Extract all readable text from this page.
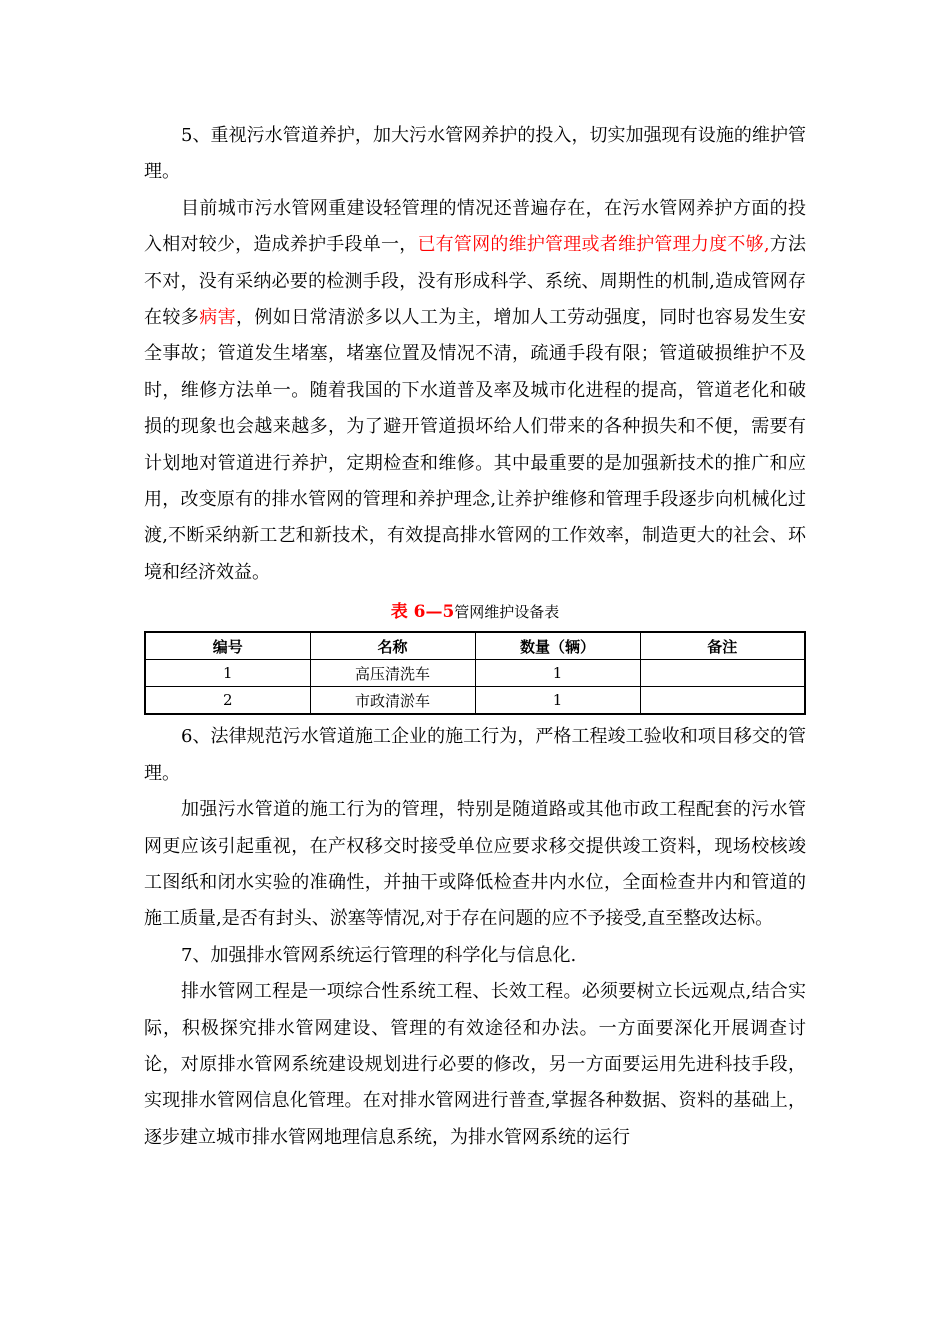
5、重视污水管道养护，加大污水管网养护的投入，切实加强现有设施的维护管理。

目前城市污水管网重建设轻管理的情况还普遍存在，在污水管网养护方面的投入相对较少，造成养护手段单一，已有管网的维护管理或者维护管理力度不够,方法不对，没有采纳必要的检测手段，没有形成科学、系统、周期性的机制,造成管网存在较多病害，例如日常清淤多以人工为主，增加人工劳动强度，同时也容易发生安全事故；管道发生堵塞，堵塞位置及情况不清，疏通手段有限；管道破损维护不及时，维修方法单一。随着我国的下水道普及率及城市化进程的提高，管道老化和破损的现象也会越来越多，为了避开管道损坏给人们带来的各种损失和不便，需要有计划地对管道进行养护，定期检查和维修。其中最重要的是加强新技术的推广和应用，改变原有的排水管网的管理和养护理念,让养护维修和管理手段逐步向机械化过渡,不断采纳新工艺和新技术，有效提高排水管网的工作效率，制造更大的社会、环境和经济效益。

表 6—5管网维护设备表
编号	名称	数量（辆）	备注
1	高压清洗车	1	
2	市政清淤车	1	

6、法律规范污水管道施工企业的施工行为，严格工程竣工验收和项目移交的管理。

加强污水管道的施工行为的管理，特别是随道路或其他市政工程配套的污水管网更应该引起重视，在产权移交时接受单位应要求移交提供竣工资料，现场校核竣工图纸和闭水实验的准确性，并抽干或降低检查井内水位，全面检查井内和管道的施工质量,是否有封头、淤塞等情况,对于存在问题的应不予接受,直至整改达标。

7、加强排水管网系统运行管理的科学化与信息化.

排水管网工程是一项综合性系统工程、长效工程。必须要树立长远观点,结合实际，积极探究排水管网建设、管理的有效途径和办法。一方面要深化开展调查讨论，对原排水管网系统建设规划进行必要的修改，另一方面要运用先进科技手段，实现排水管网信息化管理。在对排水管网进行普查,掌握各种数据、资料的基础上，逐步建立城市排水管网地理信息系统，为排水管网系统的运行
